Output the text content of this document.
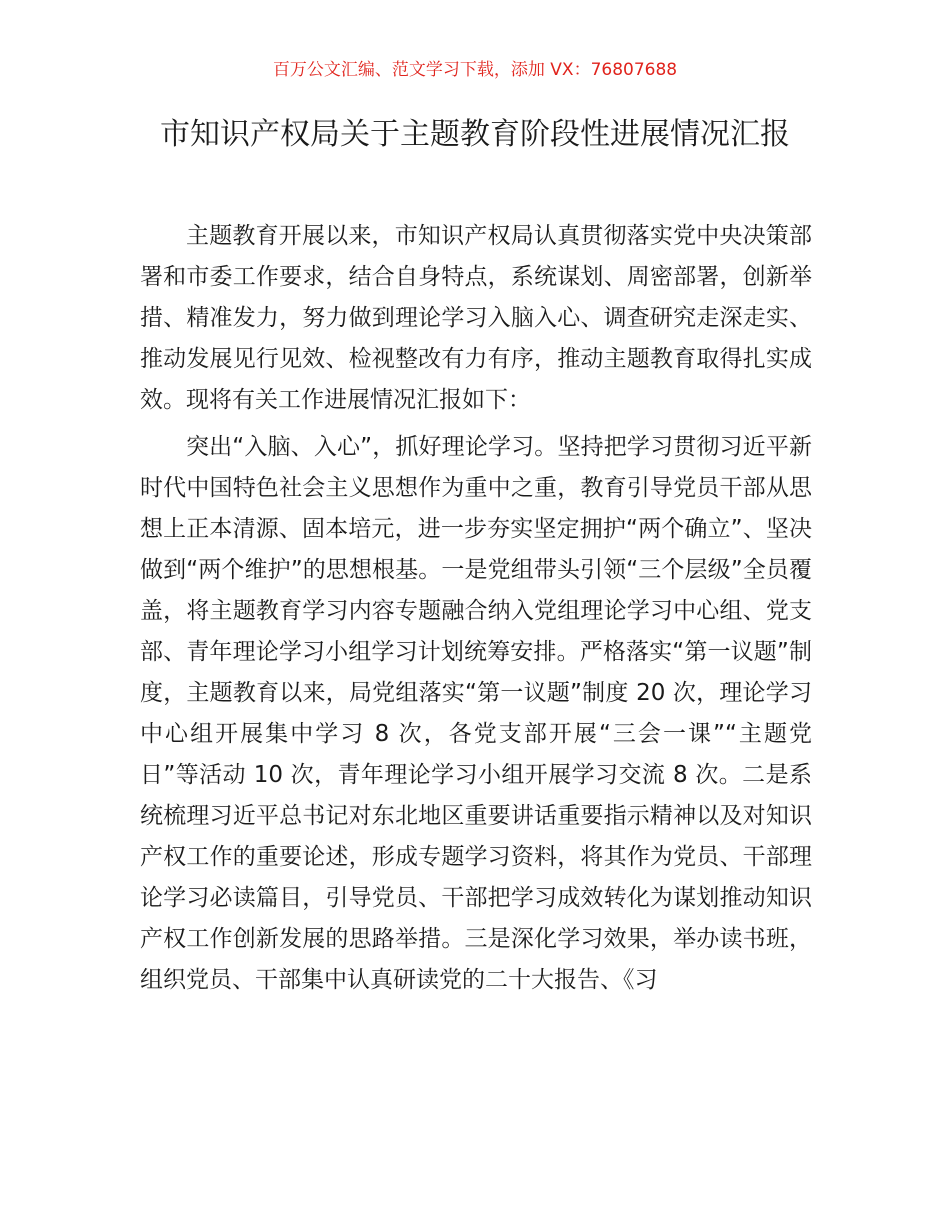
百万公文汇编、范文学习下载，添加 VX：76807688
市知识产权局关于主题教育阶段性进展情况汇报

主题教育开展以来，市知识产权局认真贯彻落实党中央决策部署和市委工作要求，结合自身特点，系统谋划、周密部署，创新举措、精准发力，努力做到理论学习入脑入心、调查研究走深走实、推动发展见行见效、检视整改有力有序，推动主题教育取得扎实成效。现将有关工作进展情况汇报如下：

突出“入脑、入心”，抓好理论学习。坚持把学习贯彻习近平新时代中国特色社会主义思想作为重中之重，教育引导党员干部从思想上正本清源、固本培元，进一步夯实坚定拥护“两个确立”、坚决做到“两个维护”的思想根基。一是党组带头引领“三个层级”全员覆盖，将主题教育学习内容专题融合纳入党组理论学习中心组、党支部、青年理论学习小组学习计划统筹安排。严格落实“第一议题”制度，主题教育以来，局党组落实“第一议题”制度 20 次，理论学习中心组开展集中学习 8 次，各党支部开展“三会一课”“主题党日”等活动 10 次，青年理论学习小组开展学习交流 8 次。二是系统梳理习近平总书记对东北地区重要讲话重要指示精神以及对知识产权工作的重要论述，形成专题学习资料，将其作为党员、干部理论学习必读篇目，引导党员、干部把学习成效转化为谋划推动知识产权工作创新发展的思路举措。三是深化学习效果，举办读书班，组织党员、干部集中认真研读党的二十大报告、《习
